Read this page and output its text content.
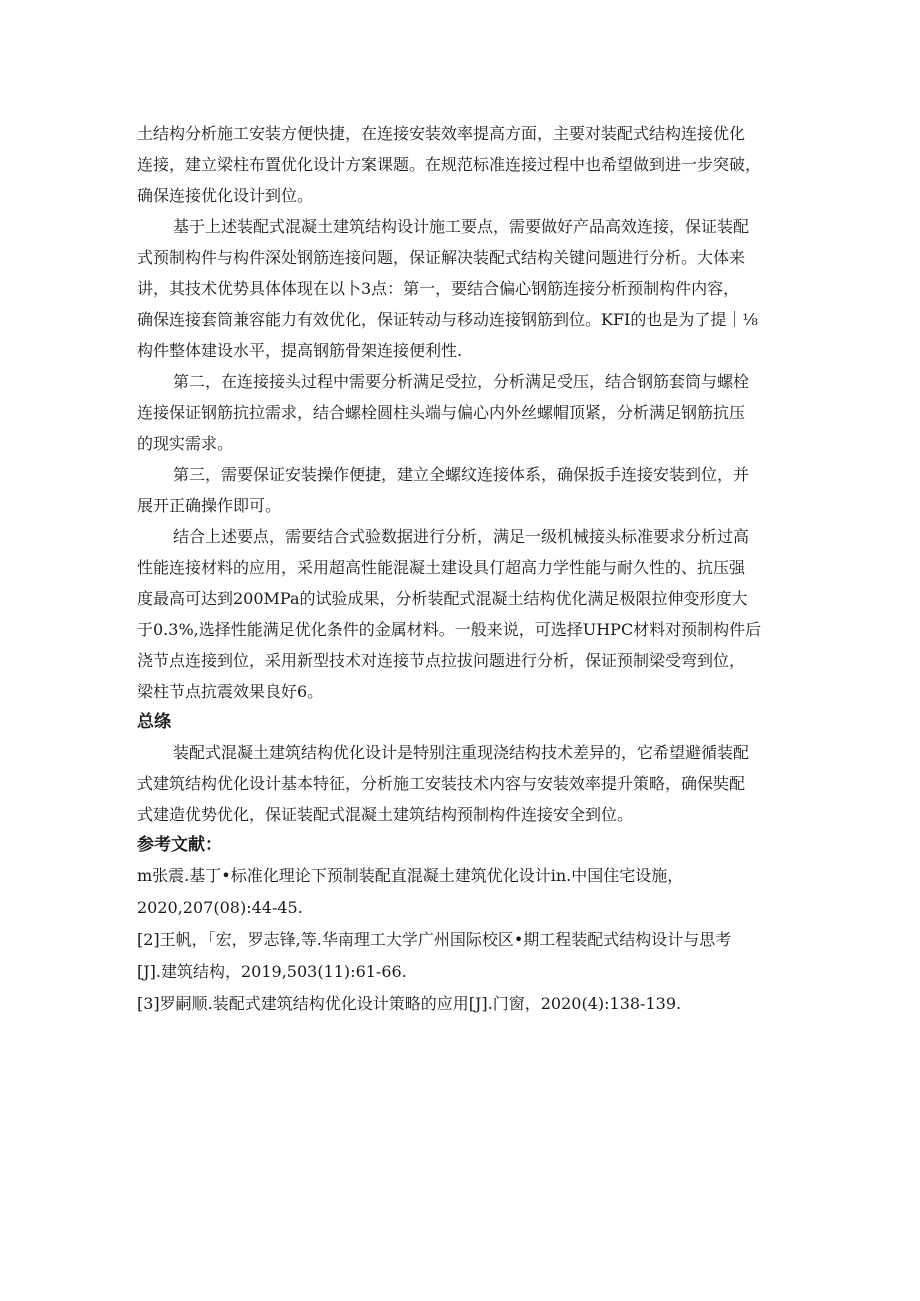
土结构分析施工安装方便快捷，在连接安装效率提高方面，主要对装配式结构连接优化
连接，建立梁柱布置优化设计方案课题。在规范标准连接过程中也希望做到进一步突破，
确保连接优化设计到位。

基于上述装配式混凝土建筑结构设计施工要点，需要做好产品高效连接，保证装配
式预制构件与构件深处钢筋连接问题，保证解决装配式结构关键问题进行分析。大体来
讲，其技术优势具体体现在以卜3点：第一，要结合偏心钢筋连接分析预制构件内容，
确保连接套筒兼容能力有效优化，保证转动与移动连接钢筋到位。KFI的也是为了提｜⅛
构件整体建设水平，提高钢筋骨架连接便利性.

第二，在连接接头过程中需要分析满足受拉，分析满足受压，结合钢筋套筒与螺栓
连接保证钢筋抗拉需求，结合螺栓圆柱头端与偏心内外丝螺帽顶紧，分析满足钢筋抗压
的现实需求。

第三，需要保证安装操作便捷，建立全螺纹连接体系，确保扳手连接安装到位，并
展开正确操作即可。

结合上述要点，需要结合式验数据进行分析，满足一级机械接头标准要求分析过高
性能连接材料的应用，采用超高性能混凝土建设具仃超高力学性能与耐久性的、抗压强
度最高可达到200MPa的试验成果，分析装配式混凝土结构优化满足极限拉伸变形度大
于0.3%,选择性能满足优化条件的金属材料。一般来说，可选择UHPC材料对预制构件后
浇节点连接到位，采用新型技术对连接节点拉拔问题进行分析，保证预制梁受弯到位，
梁柱节点抗震效果良好6。

总绦

装配式混凝土建筑结构优化设计是特别注重现浇结构技术差异的，它希望避循装配
式建筑结构优化设计基本特征，分析施工安装技术内容与安装效率提升策略，确保奘配
式建造优势优化，保证装配式混凝土建筑结构预制构件连接安全到位。

参考文献：
m张震.基丁•标准化理论下预制装配直混凝土建筑优化设计in.中国住宅设施，
2020,207(08):44-45.
[2]王帆，「宏，罗志锋,等.华南理工大学广州国际校区•期工程装配式结构设计与思考
[J].建筑结构，2019,503(11):61-66.
[3]罗嗣顺.装配式建筑结构优化设计策略的应用[J].门窗，2020(4):138-139.
